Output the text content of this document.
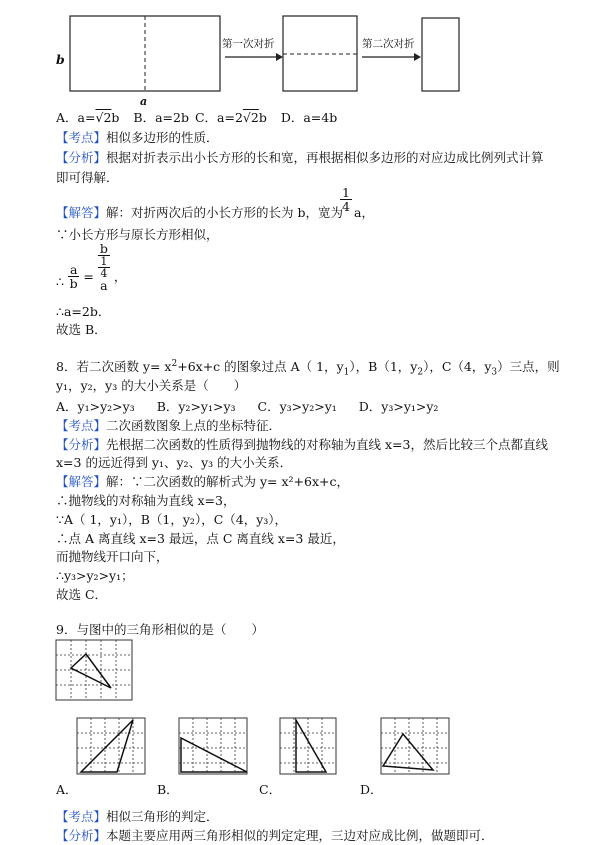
b
a
第一次对折	第二次对折
A．a=√2b B．a=2b C．a=2√2b D．a=4b
【考点】相似多边形的性质．
【分析】根据对折表示出小长方形的长和宽，再根据相似多边形的对应边成比例列式计算
即可得解．
【解答】解：对折两次后的小长方形的长为 b，宽为
$\frac{1}{4}$ a，
∵小长方形与原长方形相似，
∴ $\frac{a}{b} = b$
1
4
a ，
∴a=2b．
故选 B．
8．若二次函数 $y= x^2+6x+c$ 的图象过点 A（ 1，$y_1$），B（1，$y_2$），C（4，$y_3$）三点，则
y₁，y₂，y₃ 的大小关系是（　　）
A．y₁>y₂>y₃ B．y₂>y₁>y₃ C．y₃>y₂>y₁ D．y₃>y₁>y₂
【考点】二次函数图象上点的坐标特征．
【分析】先根据二次函数的性质得到抛物线的对称轴为直线 x=3，然后比较三个点都直线
x=3 的远近得到 y₁、y₂、y₃ 的大小关系．
【解答】解：∵二次函数的解析式为 y= x²+6x+c，
∴抛物线的对称轴为直线 x=3，
∵A（ 1，y₁），B（1，y₂），C（4，y₃），
∴点 A 离直线 x=3 最远，点 C 离直线 x=3 最近，
而抛物线开口向下，
∴y₃>y₂>y₁；
故选 C．
9．与图中的三角形相似的是（　　）
A．	B．	C．	D．
【考点】相似三角形的判定．
【分析】本题主要应用两三角形相似的判定定理，三边对应成比例，做题即可．
